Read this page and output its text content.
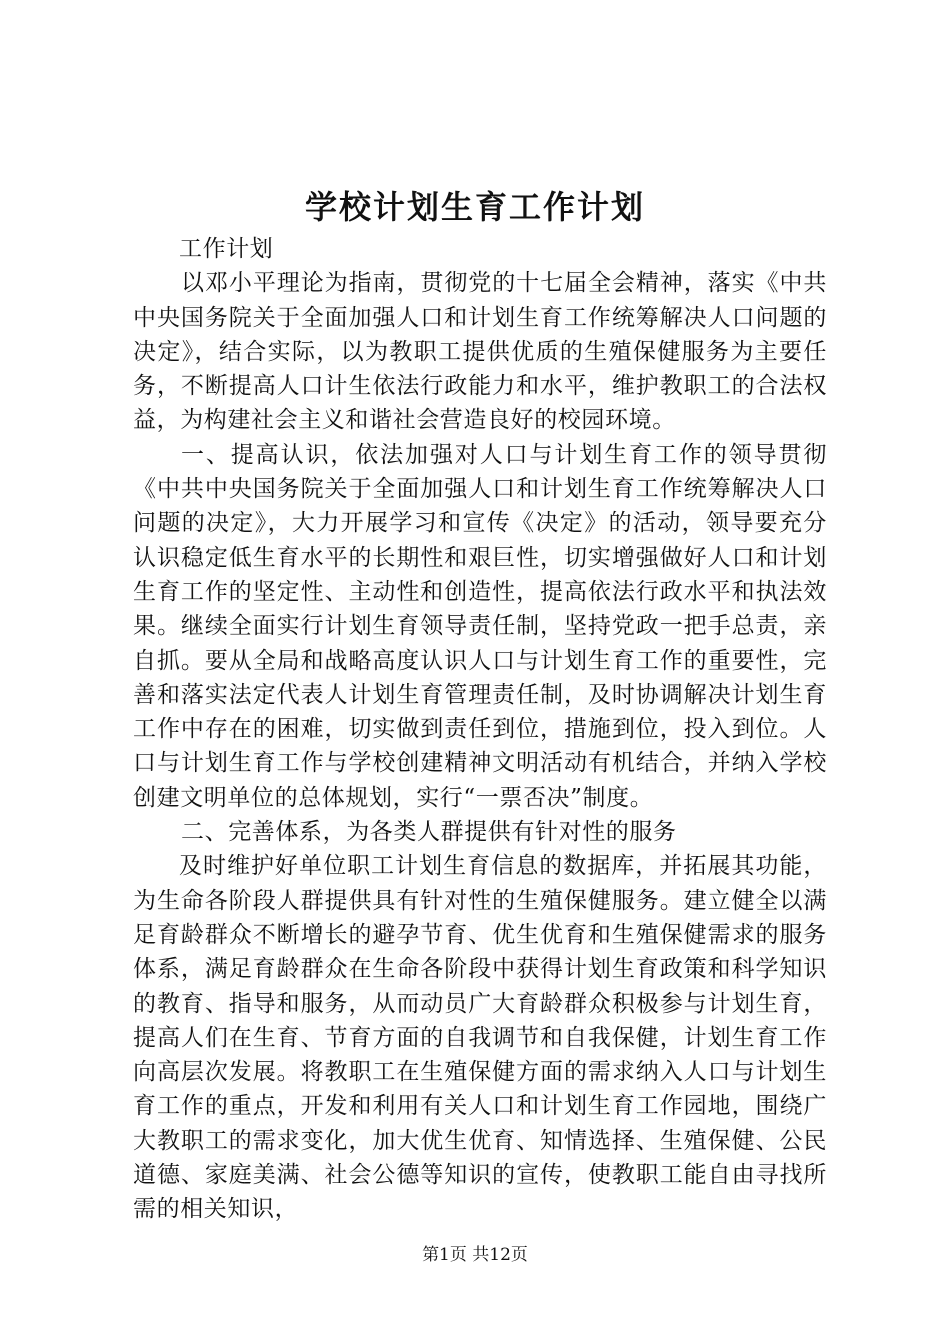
学校计划生育工作计划

工作计划

以邓小平理论为指南，贯彻党的十七届全会精神，落实《中共中央国务院关于全面加强人口和计划生育工作统筹解决人口问题的决定》，结合实际，以为教职工提供优质的生殖保健服务为主要任务，不断提高人口计生依法行政能力和水平，维护教职工的合法权益，为构建社会主义和谐社会营造良好的校园环境。

一、提高认识，依法加强对人口与计划生育工作的领导贯彻《中共中央国务院关于全面加强人口和计划生育工作统筹解决人口问题的决定》，大力开展学习和宣传《决定》的活动，领导要充分认识稳定低生育水平的长期性和艰巨性，切实增强做好人口和计划生育工作的坚定性、主动性和创造性，提高依法行政水平和执法效果。继续全面实行计划生育领导责任制，坚持党政一把手总责，亲自抓。要从全局和战略高度认识人口与计划生育工作的重要性，完善和落实法定代表人计划生育管理责任制，及时协调解决计划生育工作中存在的困难，切实做到责任到位，措施到位，投入到位。人口与计划生育工作与学校创建精神文明活动有机结合，并纳入学校创建文明单位的总体规划，实行“一票否决”制度。

二、完善体系，为各类人群提供有针对性的服务

及时维护好单位职工计划生育信息的数据库，并拓展其功能，为生命各阶段人群提供具有针对性的生殖保健服务。建立健全以满足育龄群众不断增长的避孕节育、优生优育和生殖保健需求的服务体系，满足育龄群众在生命各阶段中获得计划生育政策和科学知识的教育、指导和服务，从而动员广大育龄群众积极参与计划生育，提高人们在生育、节育方面的自我调节和自我保健，计划生育工作向高层次发展。将教职工在生殖保健方面的需求纳入人口与计划生育工作的重点，开发和利用有关人口和计划生育工作园地，围绕广大教职工的需求变化，加大优生优育、知情选择、生殖保健、公民道德、家庭美满、社会公德等知识的宣传，使教职工能自由寻找所需的相关知识，

第1页 共12页
